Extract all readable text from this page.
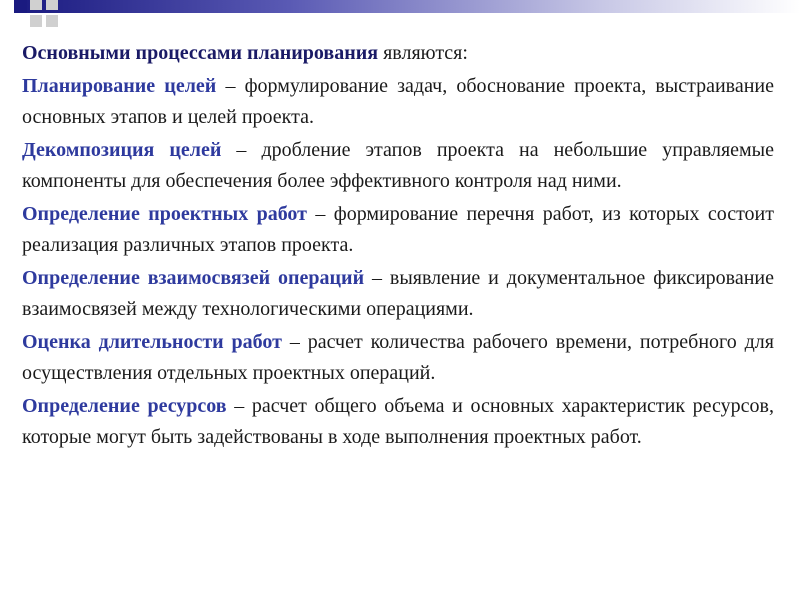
Основными процессами планирования являются:
Планирование целей – формулирование задач, обоснование проекта, выстраивание основных этапов и целей проекта.
Декомпозиция целей – дробление этапов проекта на небольшие управляемые компоненты для обеспечения более эффективного контроля над ними.
Определение проектных работ – формирование перечня работ, из которых состоит реализация различных этапов проекта.
Определение взаимосвязей операций – выявление и документальное фиксирование взаимосвязей между технологическими операциями.
Оценка длительности работ – расчет количества рабочего времени, потребного для осуществления отдельных проектных операций.
Определение ресурсов – расчет общего объема и основных характеристик ресурсов, которые могут быть задействованы в ходе выполнения проектных работ.
